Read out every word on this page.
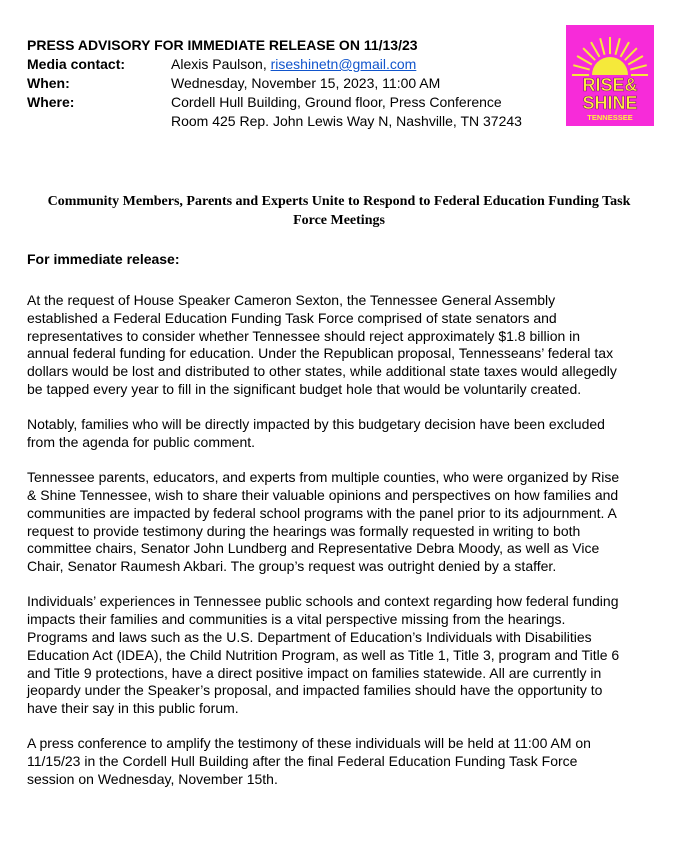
PRESS ADVISORY FOR IMMEDIATE RELEASE ON 11/13/23
Media contact:	Alexis Paulson, riseshinetn@gmail.com
When:	Wednesday, November 15, 2023, 11:00 AM
Where:	Cordell Hull Building, Ground floor, Press Conference
Room 425 Rep. John Lewis Way N, Nashville, TN 37243
RISE&
SHINE
TENNESSEE
Community Members, Parents and Experts Unite to Respond to Federal Education Funding Task
Force Meetings
For immediate release:

At the request of House Speaker Cameron Sexton, the Tennessee General Assembly
established a Federal Education Funding Task Force comprised of state senators and
representatives to consider whether Tennessee should reject approximately $1.8 billion in
annual federal funding for education. Under the Republican proposal, Tennesseans’ federal tax
dollars would be lost and distributed to other states, while additional state taxes would allegedly
be tapped every year to fill in the significant budget hole that would be voluntarily created.

Notably, families who will be directly impacted by this budgetary decision have been excluded
from the agenda for public comment.

Tennessee parents, educators, and experts from multiple counties, who were organized by Rise
& Shine Tennessee, wish to share their valuable opinions and perspectives on how families and
communities are impacted by federal school programs with the panel prior to its adjournment. A
request to provide testimony during the hearings was formally requested in writing to both
committee chairs, Senator John Lundberg and Representative Debra Moody, as well as Vice
Chair, Senator Raumesh Akbari. The group’s request was outright denied by a staffer.

Individuals’ experiences in Tennessee public schools and context regarding how federal funding
impacts their families and communities is a vital perspective missing from the hearings.
Programs and laws such as the U.S. Department of Education’s Individuals with Disabilities
Education Act (IDEA), the Child Nutrition Program, as well as Title 1, Title 3, program and Title 6
and Title 9 protections, have a direct positive impact on families statewide. All are currently in
jeopardy under the Speaker’s proposal, and impacted families should have the opportunity to
have their say in this public forum.

A press conference to amplify the testimony of these individuals will be held at 11:00 AM on
11/15/23 in the Cordell Hull Building after the final Federal Education Funding Task Force
session on Wednesday, November 15th.
